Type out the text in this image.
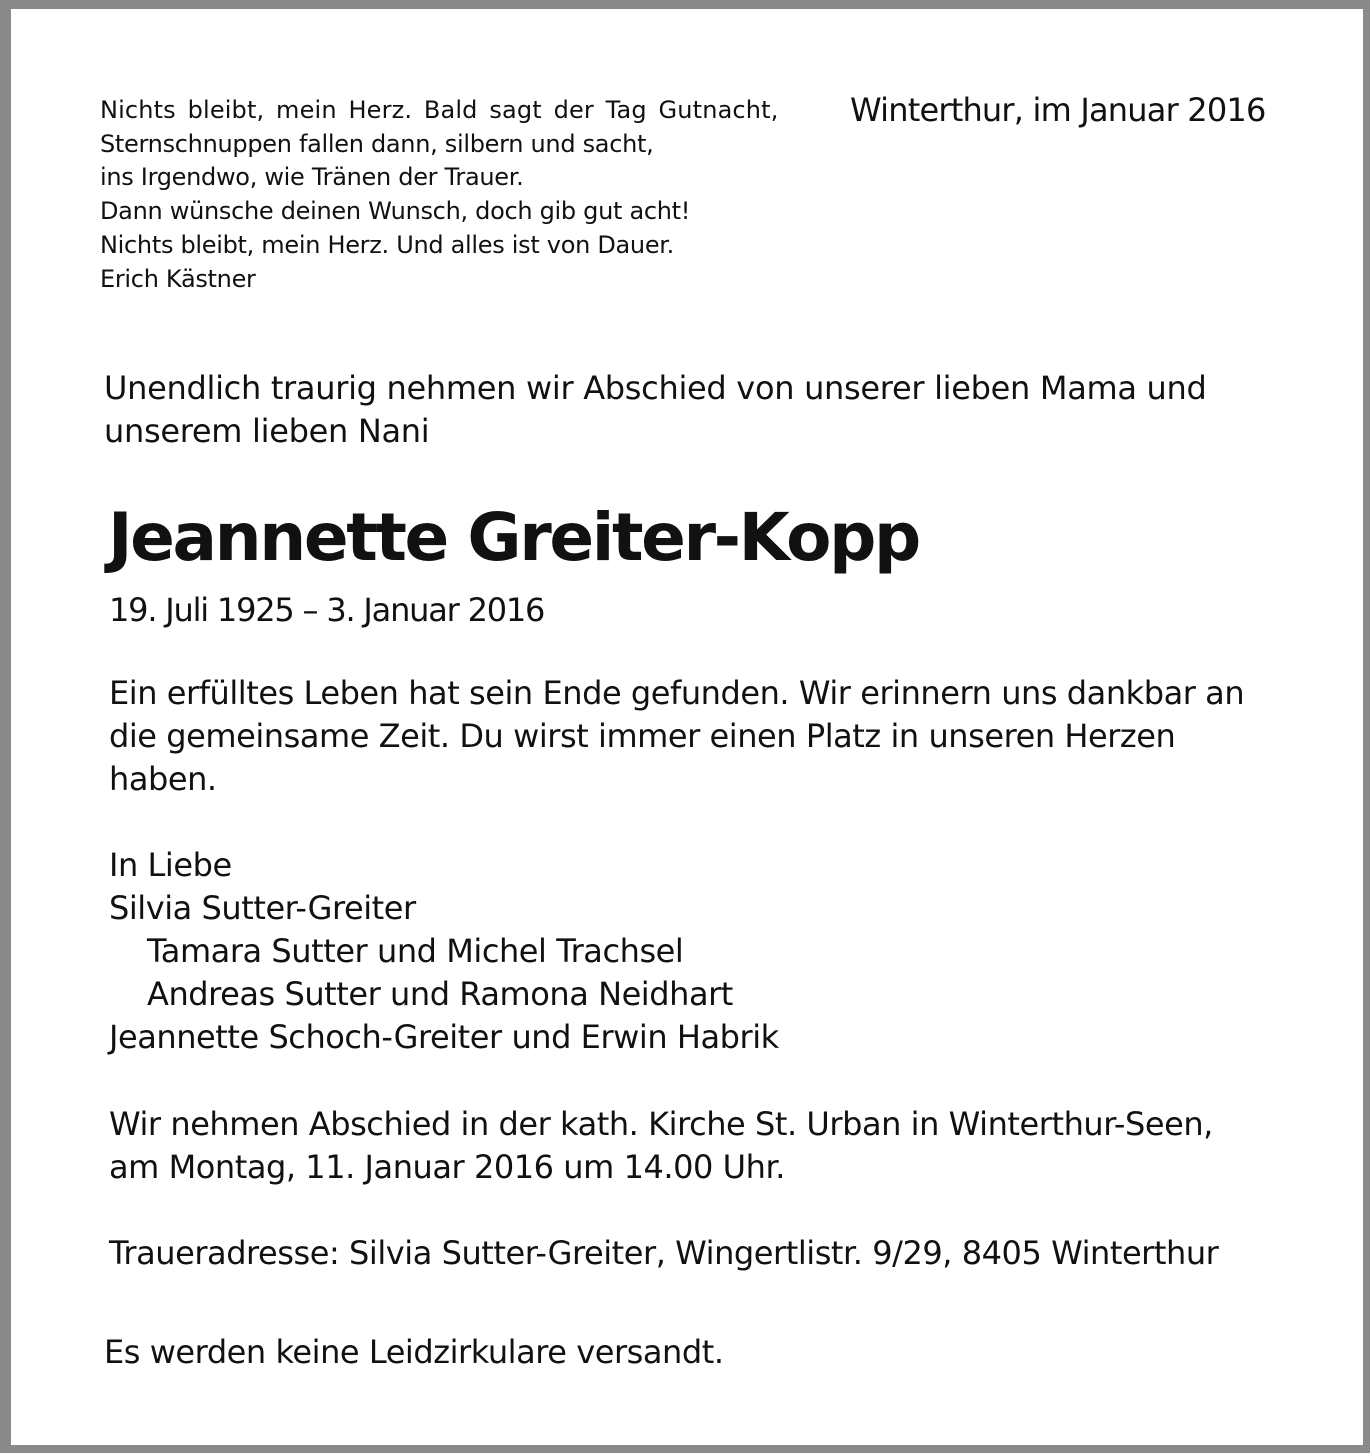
Nichts bleibt, mein Herz. Bald sagt der Tag Gutnacht,
Sternschnuppen fallen dann, silbern und sacht,
ins Irgendwo, wie Tränen der Trauer.
Dann wünsche deinen Wunsch, doch gib gut acht!
Nichts bleibt, mein Herz. Und alles ist von Dauer.
Erich Kästner
Winterthur, im Januar 2016

Unendlich traurig nehmen wir Abschied von unserer lieben Mama und
unserem lieben Nani

Jeannette Greiter-Kopp
19. Juli 1925 – 3. Januar 2016

Ein erfülltes Leben hat sein Ende gefunden. Wir erinnern uns dankbar an
die gemeinsame Zeit. Du wirst immer einen Platz in unseren Herzen
haben.

In Liebe
Silvia Sutter-Greiter
Tamara Sutter und Michel Trachsel
Andreas Sutter und Ramona Neidhart
Jeannette Schoch-Greiter und Erwin Habrik

Wir nehmen Abschied in der kath. Kirche St. Urban in Winterthur-Seen,
am Montag, 11. Januar 2016 um 14.00 Uhr.

Traueradresse: Silvia Sutter-Greiter, Wingertlistr. 9/29, 8405 Winterthur

Es werden keine Leidzirkulare versandt.
